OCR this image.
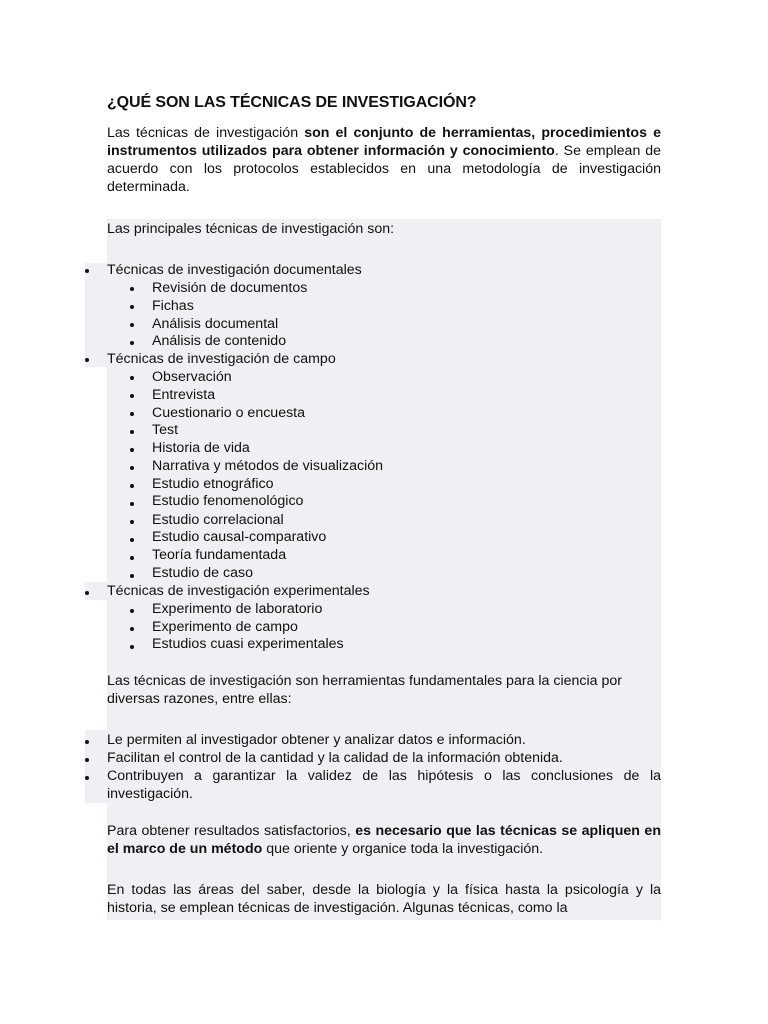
¿QUÉ SON LAS TÉCNICAS DE INVESTIGACIÓN?

Las técnicas de investigación son el conjunto de herramientas, procedimientos e instrumentos utilizados para obtener información y conocimiento. Se emplean de acuerdo con los protocolos establecidos en una metodología de investigación determinada.

Las principales técnicas de investigación son:
Técnicas de investigación documentales
Revisión de documentos
Fichas
Análisis documental
Análisis de contenido
Técnicas de investigación de campo
Observación
Entrevista
Cuestionario o encuesta
Test
Historia de vida
Narrativa y métodos de visualización
Estudio etnográfico
Estudio fenomenológico
Estudio correlacional
Estudio causal-comparativo
Teoría fundamentada
Estudio de caso
Técnicas de investigación experimentales
Experimento de laboratorio
Experimento de campo
Estudios cuasi experimentales

Las técnicas de investigación son herramientas fundamentales para la ciencia por diversas razones, entre ellas:

Le permiten al investigador obtener y analizar datos e información.
Facilitan el control de la cantidad y la calidad de la información obtenida.

Contribuyen a garantizar la validez de las hipótesis o las conclusiones de la investigación.

Para obtener resultados satisfactorios, es necesario que las técnicas se apliquen en el marco de un método que oriente y organice toda la investigación.

En todas las áreas del saber, desde la biología y la física hasta la psicología y la historia, se emplean técnicas de investigación. Algunas técnicas, como la
